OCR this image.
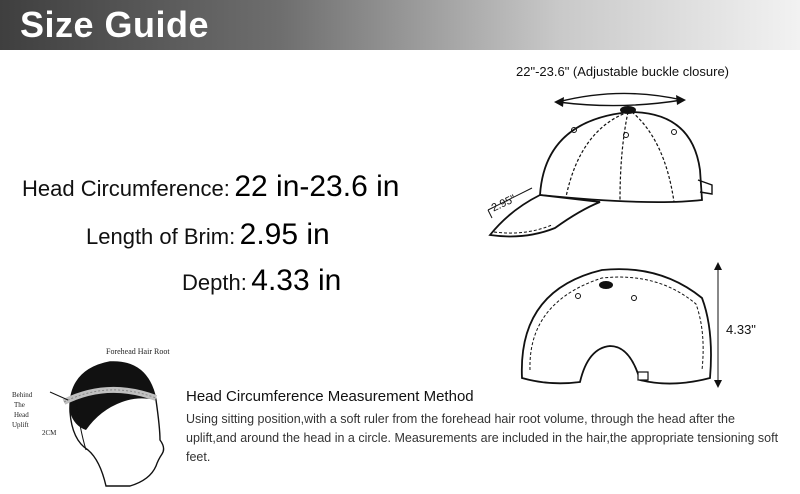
Size Guide
Head Circumference: 22 in-23.6 in
Length of Brim: 2.95 in
Depth: 4.33 in
22"-23.6" (Adjustable buckle closure)
2.95"
4.33"
Forehead Hair Root
Behind
The
Head
Uplift
2CM
Head Circumference Measurement Method
Using sitting position,with a soft ruler from the forehead hair root volume, through the head after the uplift,and around the head in a circle. Measurements are included in the hair,the appropriate tensioning soft feet.
